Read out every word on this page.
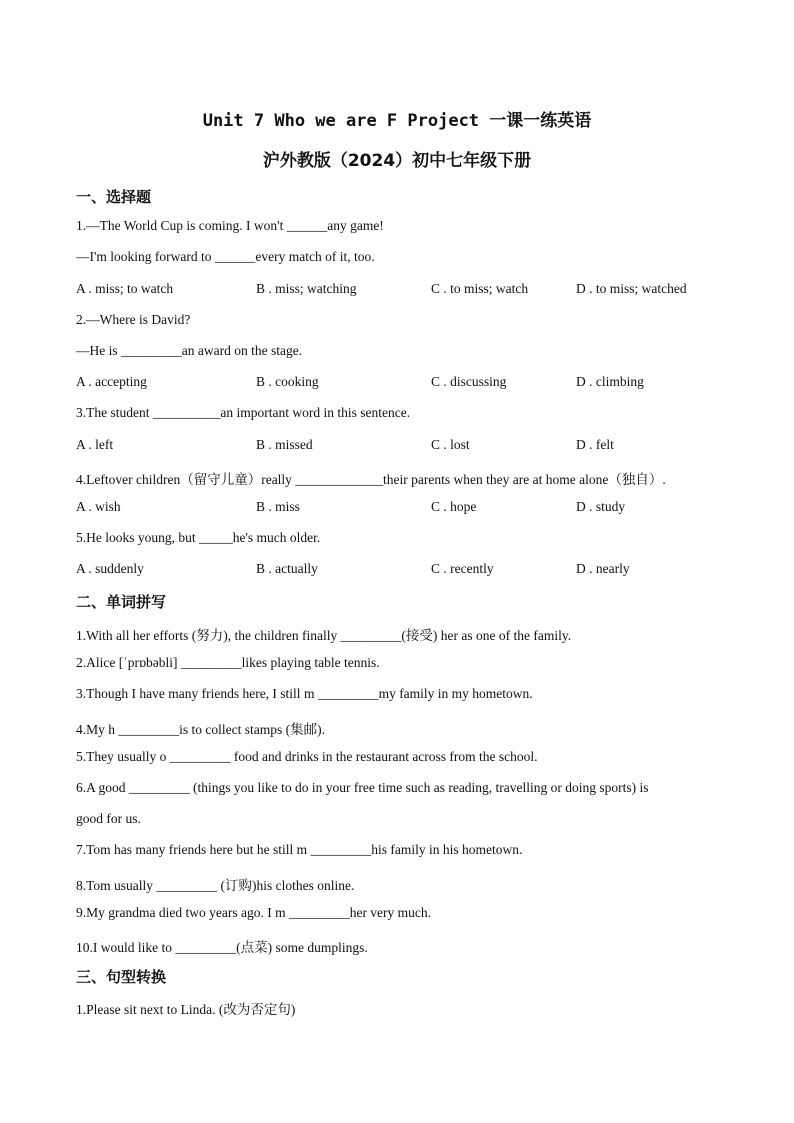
Unit 7 Who we are F Project 一课一练英语
沪外教版（2024）初中七年级下册
一、选择题
1.—The World Cup is coming. I won't ______any game!
—I'm looking forward to ______every match of it, too.
A . miss; to watch	B . miss; watching	C . to miss; watch	D . to miss; watched
2.—Where is David?
—He is _________an award on the stage.
A . accepting	B . cooking	C . discussing	D . climbing
3.The student __________an important word in this sentence.
A . left	B . missed	C . lost	D . felt
4.Leftover children（留守儿童）really _____________their parents when they are at home alone（独自）.
A . wish	B . miss	C . hope	D . study
5.He looks young, but _____he's much older.
A . suddenly	B . actually	C . recently	D . nearly
二、单词拼写
1.With all her efforts (努力), the children finally _________(接受) her as one of the family.
2.Alice [ˈprɒbəbli] _________likes playing table tennis.
3.Though I have many friends here, I still m _________my family in my hometown.
4.My h _________is to collect stamps (集邮).
5.They usually o _________ food and drinks in the restaurant across from the school.
6.A good _________ (things you like to do in your free time such as reading, travelling or doing sports) is
good for us.
7.Tom has many friends here but he still m _________his family in his hometown.
8.Tom usually _________ (订购)his clothes online.
9.My grandma died two years ago. I m _________her very much.
10.I would like to _________(点菜) some dumplings.
三、句型转换
1.Please sit next to Linda. (改为否定句)
